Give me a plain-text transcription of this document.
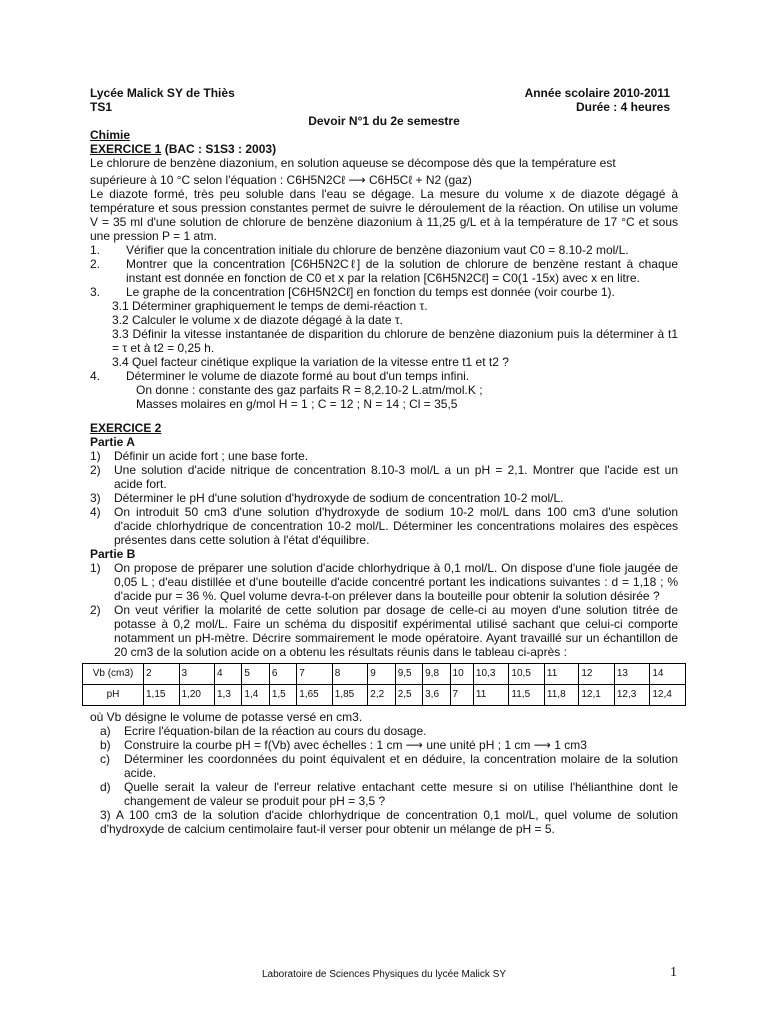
Lycée Malick SY de Thiès	Année scolaire 2010-2011
TS1	Durée : 4 heures
Devoir N°1 du 2e semestre
Chimie
EXERCICE 1 (BAC : S1S3 : 2003)
Le chlorure de benzène diazonium, en solution aqueuse se décompose dès que la température est
supérieure à 10 °C selon l'équation : C6H5N2Cℓ ⟶ C6H5Cℓ + N2 (gaz)
Le diazote formé, très peu soluble dans l'eau se dégage. La mesure du volume x de diazote dégagé à température et sous pression constantes permet de suivre le déroulement de la réaction. On utilise un volume V = 35 ml d'une solution de chlorure de benzène diazonium à 11,25 g/L et à la température de 17 °C et sous une pression P = 1 atm.
1.	Vérifier que la concentration initiale du chlorure de benzène diazonium vaut C0 = 8.10-2 mol/L.
2.	Montrer que la concentration [C6H5N2Cℓ] de la solution de chlorure de benzène restant à chaque instant est donnée en fonction de C0 et x par la relation [C6H5N2Cℓ] = C0(1 -15x) avec x en litre.
3.	Le graphe de la concentration [C6H5N2Cℓ] en fonction du temps est donnée (voir courbe 1).
3.1 Déterminer graphiquement le temps de demi-réaction τ.
3.2 Calculer le volume x de diazote dégagé à la date τ.
3.3 Définir la vitesse instantanée de disparition du chlorure de benzène diazonium puis la déterminer à t1 = τ et à t2 = 0,25 h.
3.4 Quel facteur cinétique explique la variation de la vitesse entre t1 et t2 ?
4.	Déterminer le volume de diazote formé au bout d'un temps infini.
On donne : constante des gaz parfaits R = 8,2.10-2 L.atm/mol.K ;
Masses molaires en g/mol H = 1 ; C = 12 ; N = 14 ; Cl = 35,5
EXERCICE 2
Partie A
1)	Définir un acide fort ; une base forte.
2)	Une solution d'acide nitrique de concentration 8.10-3 mol/L a un pH = 2,1. Montrer que l'acide est un acide fort.
3)	Déterminer le pH d'une solution d'hydroxyde de sodium de concentration 10-2 mol/L.
4)	On introduit 50 cm3 d'une solution d'hydroxyde de sodium 10-2 mol/L dans 100 cm3 d'une solution d'acide chlorhydrique de concentration 10-2 mol/L. Déterminer les concentrations molaires des espèces présentes dans cette solution à l'état d'équilibre.
Partie B
1)	On propose de préparer une solution d'acide chlorhydrique à 0,1 mol/L. On dispose d'une fiole jaugée de 0,05 L ; d'eau distillée et d'une bouteille d'acide concentré portant les indications suivantes : d = 1,18 ; % d'acide pur = 36 %. Quel volume devra-t-on prélever dans la bouteille pour obtenir la solution désirée ?
2)	On veut vérifier la molarité de cette solution par dosage de celle-ci au moyen d'une solution titrée de potasse à 0,2 mol/L. Faire un schéma du dispositif expérimental utilisé sachant que celui-ci comporte notamment un pH-mètre. Décrire sommairement le mode opératoire. Ayant travaillé sur un échantillon de 20 cm3 de la solution acide on a obtenu les résultats réunis dans le tableau ci-après :
Vb (cm3)	2	3	4	5	6	7	8	9	9,5	9,8	10	10,3	10,5	11	12	13	14
pH	1,15	1,20	1,3	1,4	1,5	1,65	1,85	2,2	2,5	3,6	7	11	11,5	11,8	12,1	12,3	12,4
où Vb désigne le volume de potasse versé en cm3.
a)	Ecrire l'équation-bilan de la réaction au cours du dosage.
b)	Construire la courbe pH = f(Vb) avec échelles : 1 cm ⟶ une unité pH ; 1 cm ⟶ 1 cm3
c)	Déterminer les coordonnées du point équivalent et en déduire, la concentration molaire de la solution acide.
d)	Quelle serait la valeur de l'erreur relative entachant cette mesure si on utilise l'hélianthine dont le changement de valeur se produit pour pH = 3,5 ?
3) A 100 cm3 de la solution d'acide chlorhydrique de concentration 0,1 mol/L, quel volume de solution d'hydroxyde de calcium centimolaire faut-il verser pour obtenir un mélange de pH = 5.
Laboratoire de Sciences Physiques du lycée Malick SY	1
